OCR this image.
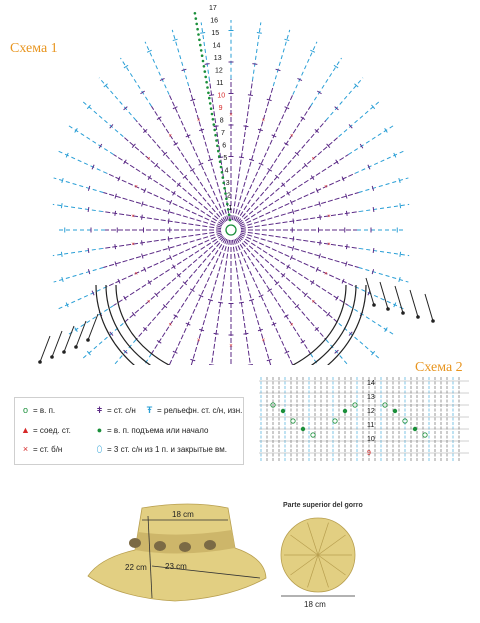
Схема 1
×
×
×
×
×
×
×
×
×
×
×
×
×
×
×
×
×
×
×
×
×
×
17
16
15
14
13
12
11
10
9
8
7
6
5
4
3
2
1
Схема 2
14
13
12
11
10
9
o = в. п.	ǂ = ст. с/н Ŧ = рельефн. ст. с/н, изн.
▲ = соед. ст.	● = в. п. подъема или начало
× = ст. б/н	⬯ = 3 ст. с/н из 1 п. и закрытые вм.
18 cm
22 cm 23 cm
Parte superior del gorro
18 cm
